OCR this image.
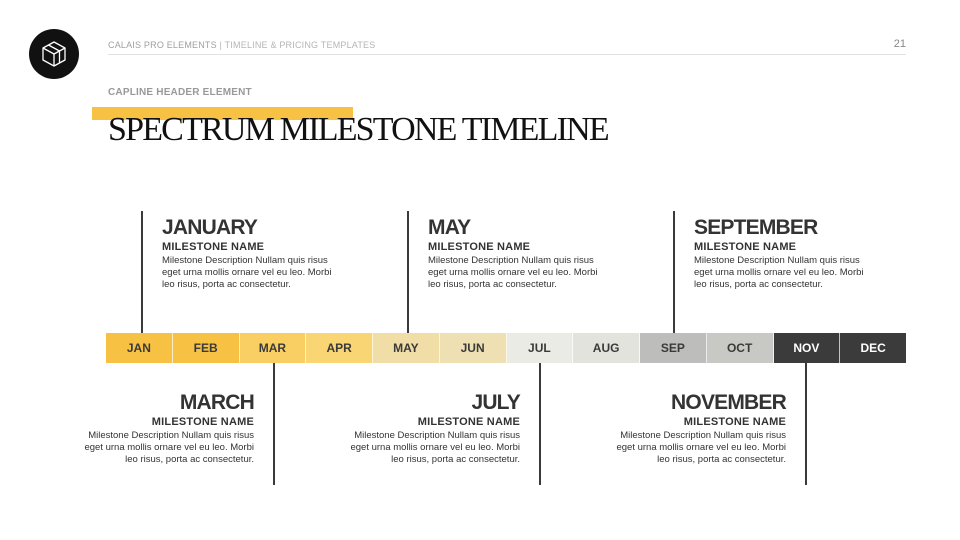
CALAIS PRO ELEMENTS | TIMELINE & PRICING TEMPLATES	21
CAPLINE HEADER ELEMENT
SPECTRUM MILESTONE TIMELINE
JAN	FEB	MAR	APR	MAY	JUN	JUL	AUG	SEP	OCT	NOV	DEC
JANUARY
MILESTONE NAME
Milestone Description Nullam quis risus eget urna mollis ornare vel eu leo. Morbi leo risus, porta ac consectetur.
MAY
MILESTONE NAME
Milestone Description Nullam quis risus eget urna mollis ornare vel eu leo. Morbi leo risus, porta ac consectetur.
SEPTEMBER
MILESTONE NAME
Milestone Description Nullam quis risus eget urna mollis ornare vel eu leo. Morbi leo risus, porta ac consectetur.
MARCH
MILESTONE NAME
Milestone Description Nullam quis risus eget urna mollis ornare vel eu leo. Morbi leo risus, porta ac consectetur.
JULY
MILESTONE NAME
Milestone Description Nullam quis risus eget urna mollis ornare vel eu leo. Morbi leo risus, porta ac consectetur.
NOVEMBER
MILESTONE NAME
Milestone Description Nullam quis risus eget urna mollis ornare vel eu leo. Morbi leo risus, porta ac consectetur.
